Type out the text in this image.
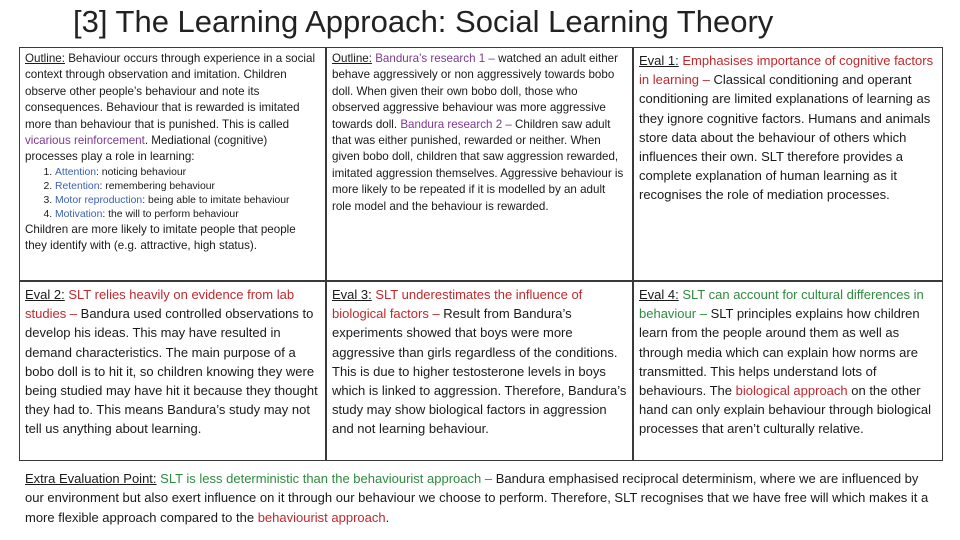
[3] The Learning Approach: Social Learning Theory
Outline: Behaviour occurs through experience in a social context through observation and imitation. Children observe other people’s behaviour and note its consequences. Behaviour that is rewarded is imitated more than behaviour that is punished. This is called vicarious reinforcement. Mediational (cognitive) processes play a role in learning:
1. Attention: noticing behaviour
2. Retention: remembering behaviour
3. Motor reproduction: being able to imitate behaviour
4. Motivation: the will to perform behaviour
Children are more likely to imitate people that people they identify with (e.g. attractive, high status).
Outline: Bandura’s research 1 – watched an adult either behave aggressively or non aggressively towards bobo doll. When given their own bobo doll, those who observed aggressive behaviour was more aggressive towards doll. Bandura research 2 – Children saw adult that was either punished, rewarded or neither. When given bobo doll, children that saw aggression rewarded, imitated aggression themselves. Aggressive behaviour is more likely to be repeated if it is modelled by an adult role model and the behaviour is rewarded.
Eval 1: Emphasises importance of cognitive factors in learning – Classical conditioning and operant conditioning are limited explanations of learning as they ignore cognitive factors. Humans and animals store data about the behaviour of others which influences their own. SLT therefore provides a complete explanation of human learning as it recognises the role of mediation processes.
Eval 2: SLT relies heavily on evidence from lab studies – Bandura used controlled observations to develop his ideas. This may have resulted in demand characteristics. The main purpose of a bobo doll is to hit it, so children knowing they were being studied may have hit it because they thought they had to. This means Bandura’s study may not tell us anything about learning.
Eval 3: SLT underestimates the influence of biological factors – Result from Bandura’s experiments showed that boys were more aggressive than girls regardless of the conditions. This is due to higher testosterone levels in boys which is linked to aggression. Therefore, Bandura’s study may show biological factors in aggression and not learning behaviour.
Eval 4: SLT can account for cultural differences in behaviour – SLT principles explains how children learn from the people around them as well as through media which can explain how norms are transmitted. This helps understand lots of behaviours. The biological approach on the other hand can only explain behaviour through biological processes that aren’t culturally relative.
Extra Evaluation Point: SLT is less deterministic than the behaviourist approach – Bandura emphasised reciprocal determinism, where we are influenced by our environment but also exert influence on it through our behaviour we choose to perform. Therefore, SLT recognises that we have free will which makes it a more flexible approach compared to the behaviourist approach.
